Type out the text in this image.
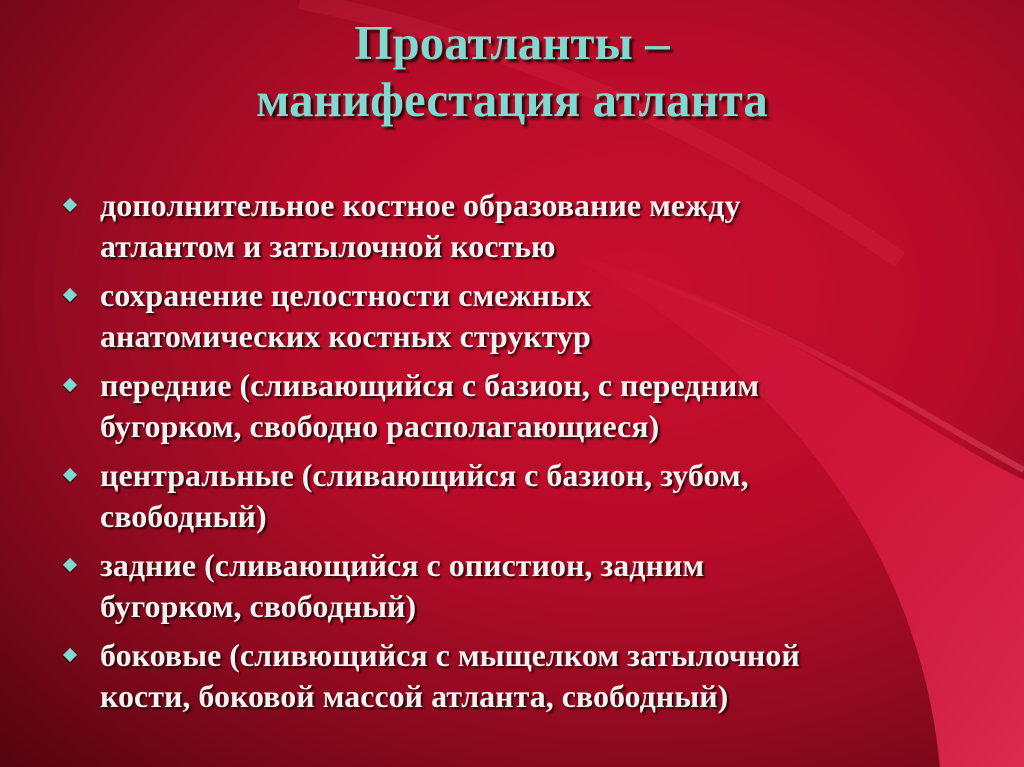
Проатланты –
манифестация атланта
дополнительное костное образование между
атлантом и затылочной костью
сохранение целостности смежных
анатомических костных структур
передние (сливающийся с базион, с передним
бугорком, свободно располагающиеся)
центральные (сливающийся с базион, зубом,
свободный)
задние (сливающийся с опистион, задним
бугорком, свободный)
боковые (сливющийся с мыщелком затылочной
кости, боковой массой атланта, свободный)
